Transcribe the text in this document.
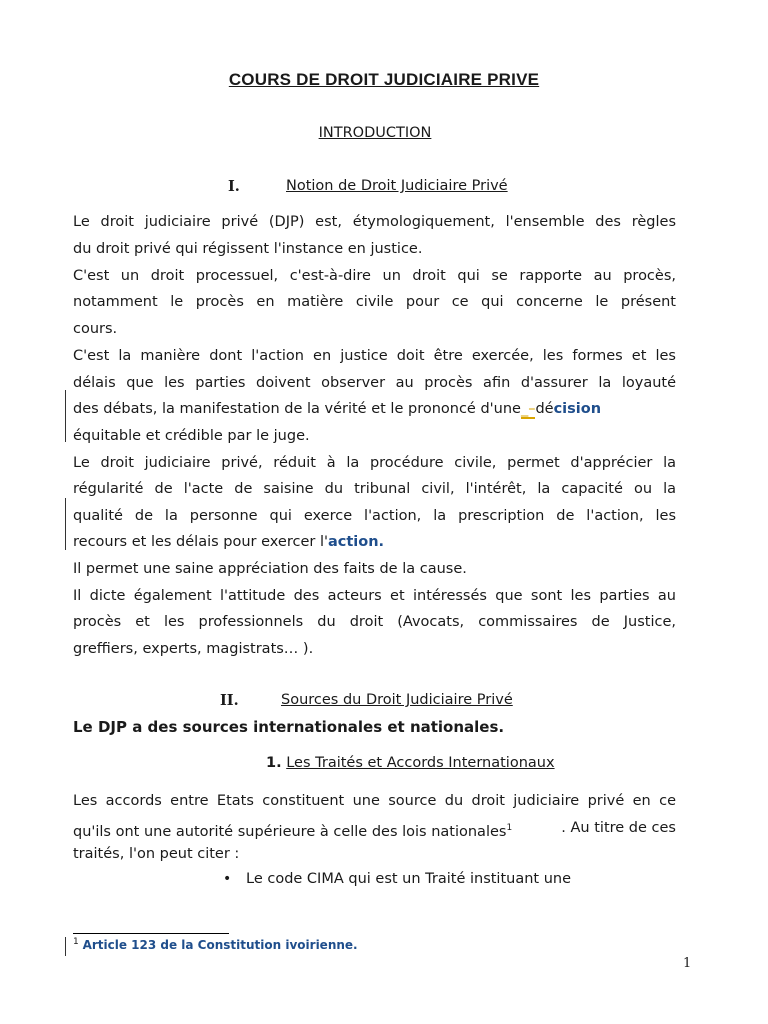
COURS DE DROIT JUDICIAIRE PRIVE
INTRODUCTION
I.	Notion de Droit Judiciaire Privé
Le droit judiciaire privé (DJP) est, étymologiquement, l'ensemble des règles
du droit privé qui régissent l'instance en justice.
C'est un droit processuel, c'est-à-dire un droit qui se rapporte au procès,
notamment le procès en matière civile pour ce qui concerne le présent
cours.
C'est la manière dont l'action en justice doit être exercée, les formes et les
délais que les parties doivent observer au procès afin d'assurer la loyauté
des débats, la manifestation de la vérité et le prononcé d'une_–décision
équitable et crédible par le juge.
Le droit judiciaire privé, réduit à la procédure civile, permet d'apprécier la
régularité de l'acte de saisine du tribunal civil, l'intérêt, la capacité ou la
qualité de la personne qui exerce l'action, la prescription de l'action, les
recours et les délais pour exercer l'action.
Il permet une saine appréciation des faits de la cause.
Il dicte également l'attitude des acteurs et intéressés que sont les parties au
procès et les professionnels du droit (Avocats, commissaires de Justice,
greffiers, experts, magistrats… ).
II.	Sources du Droit Judiciaire Privé
Le DJP a des sources internationales et nationales.
1. Les Traités et Accords Internationaux
Les accords entre Etats constituent une source du droit judiciaire privé en ce
qu'ils ont une autorité supérieure à celle des lois nationales$^1$	. Au titre de ces
traités, l'on peut citer :
• Le code CIMA qui est un Traité instituant une
$^1$ Article 123 de la Constitution ivoirienne.
1
